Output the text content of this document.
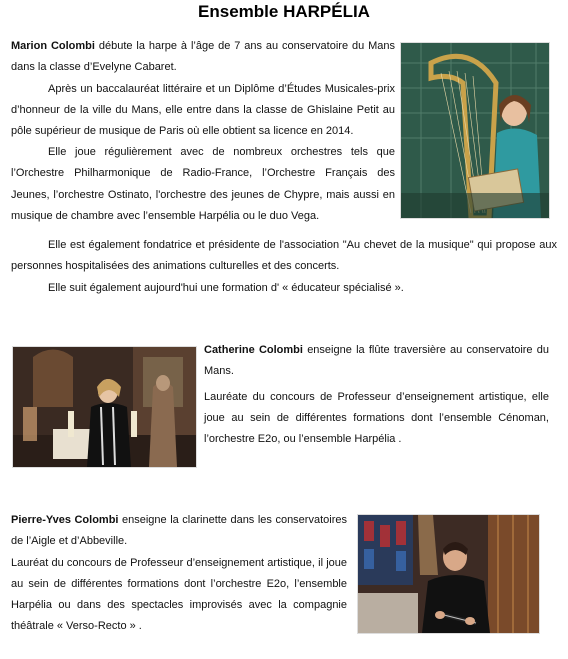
Ensemble HARPÉLIA

Marion Colombi débute la harpe à l’âge de 7 ans au conservatoire du Mans dans la classe d’Evelyne Cabaret.

Après un baccalauréat littéraire et un Diplôme d’Études Musicales-prix d’honneur de la ville du Mans, elle entre dans la classe de Ghislaine Petit au pôle supérieur de musique de Paris où elle obtient sa licence en 2014.

Elle joue régulièrement avec de nombreux orchestres tels que l’Orchestre Philharmonique de Radio-France, l’Orchestre Français des Jeunes, l’orchestre Ostinato, l'orchestre des jeunes de Chypre, mais aussi en musique de chambre avec l’ensemble Harpélia ou le duo Vega.

Elle est également fondatrice et présidente de l'association "Au chevet de la musique" qui propose aux personnes hospitalisées des animations culturelles et des concerts.

Elle suit également aujourd'hui une formation d' « éducateur spécialisé ».

Catherine Colombi enseigne la flûte traversière au conservatoire du Mans.

Lauréate du concours de Professeur d’enseignement artistique, elle joue au sein de différentes formations dont l’ensemble Cénoman, l’orchestre E2o, ou l’ensemble Harpélia .

Pierre-Yves Colombi enseigne la clarinette dans les conservatoires de l’Aigle et d’Abbeville.

Lauréat du concours de Professeur d’enseignement artistique, il joue au sein de différentes formations dont l’orchestre E2o, l’ensemble Harpélia ou dans des spectacles improvisés avec la compagnie théâtrale « Verso-Recto » .
